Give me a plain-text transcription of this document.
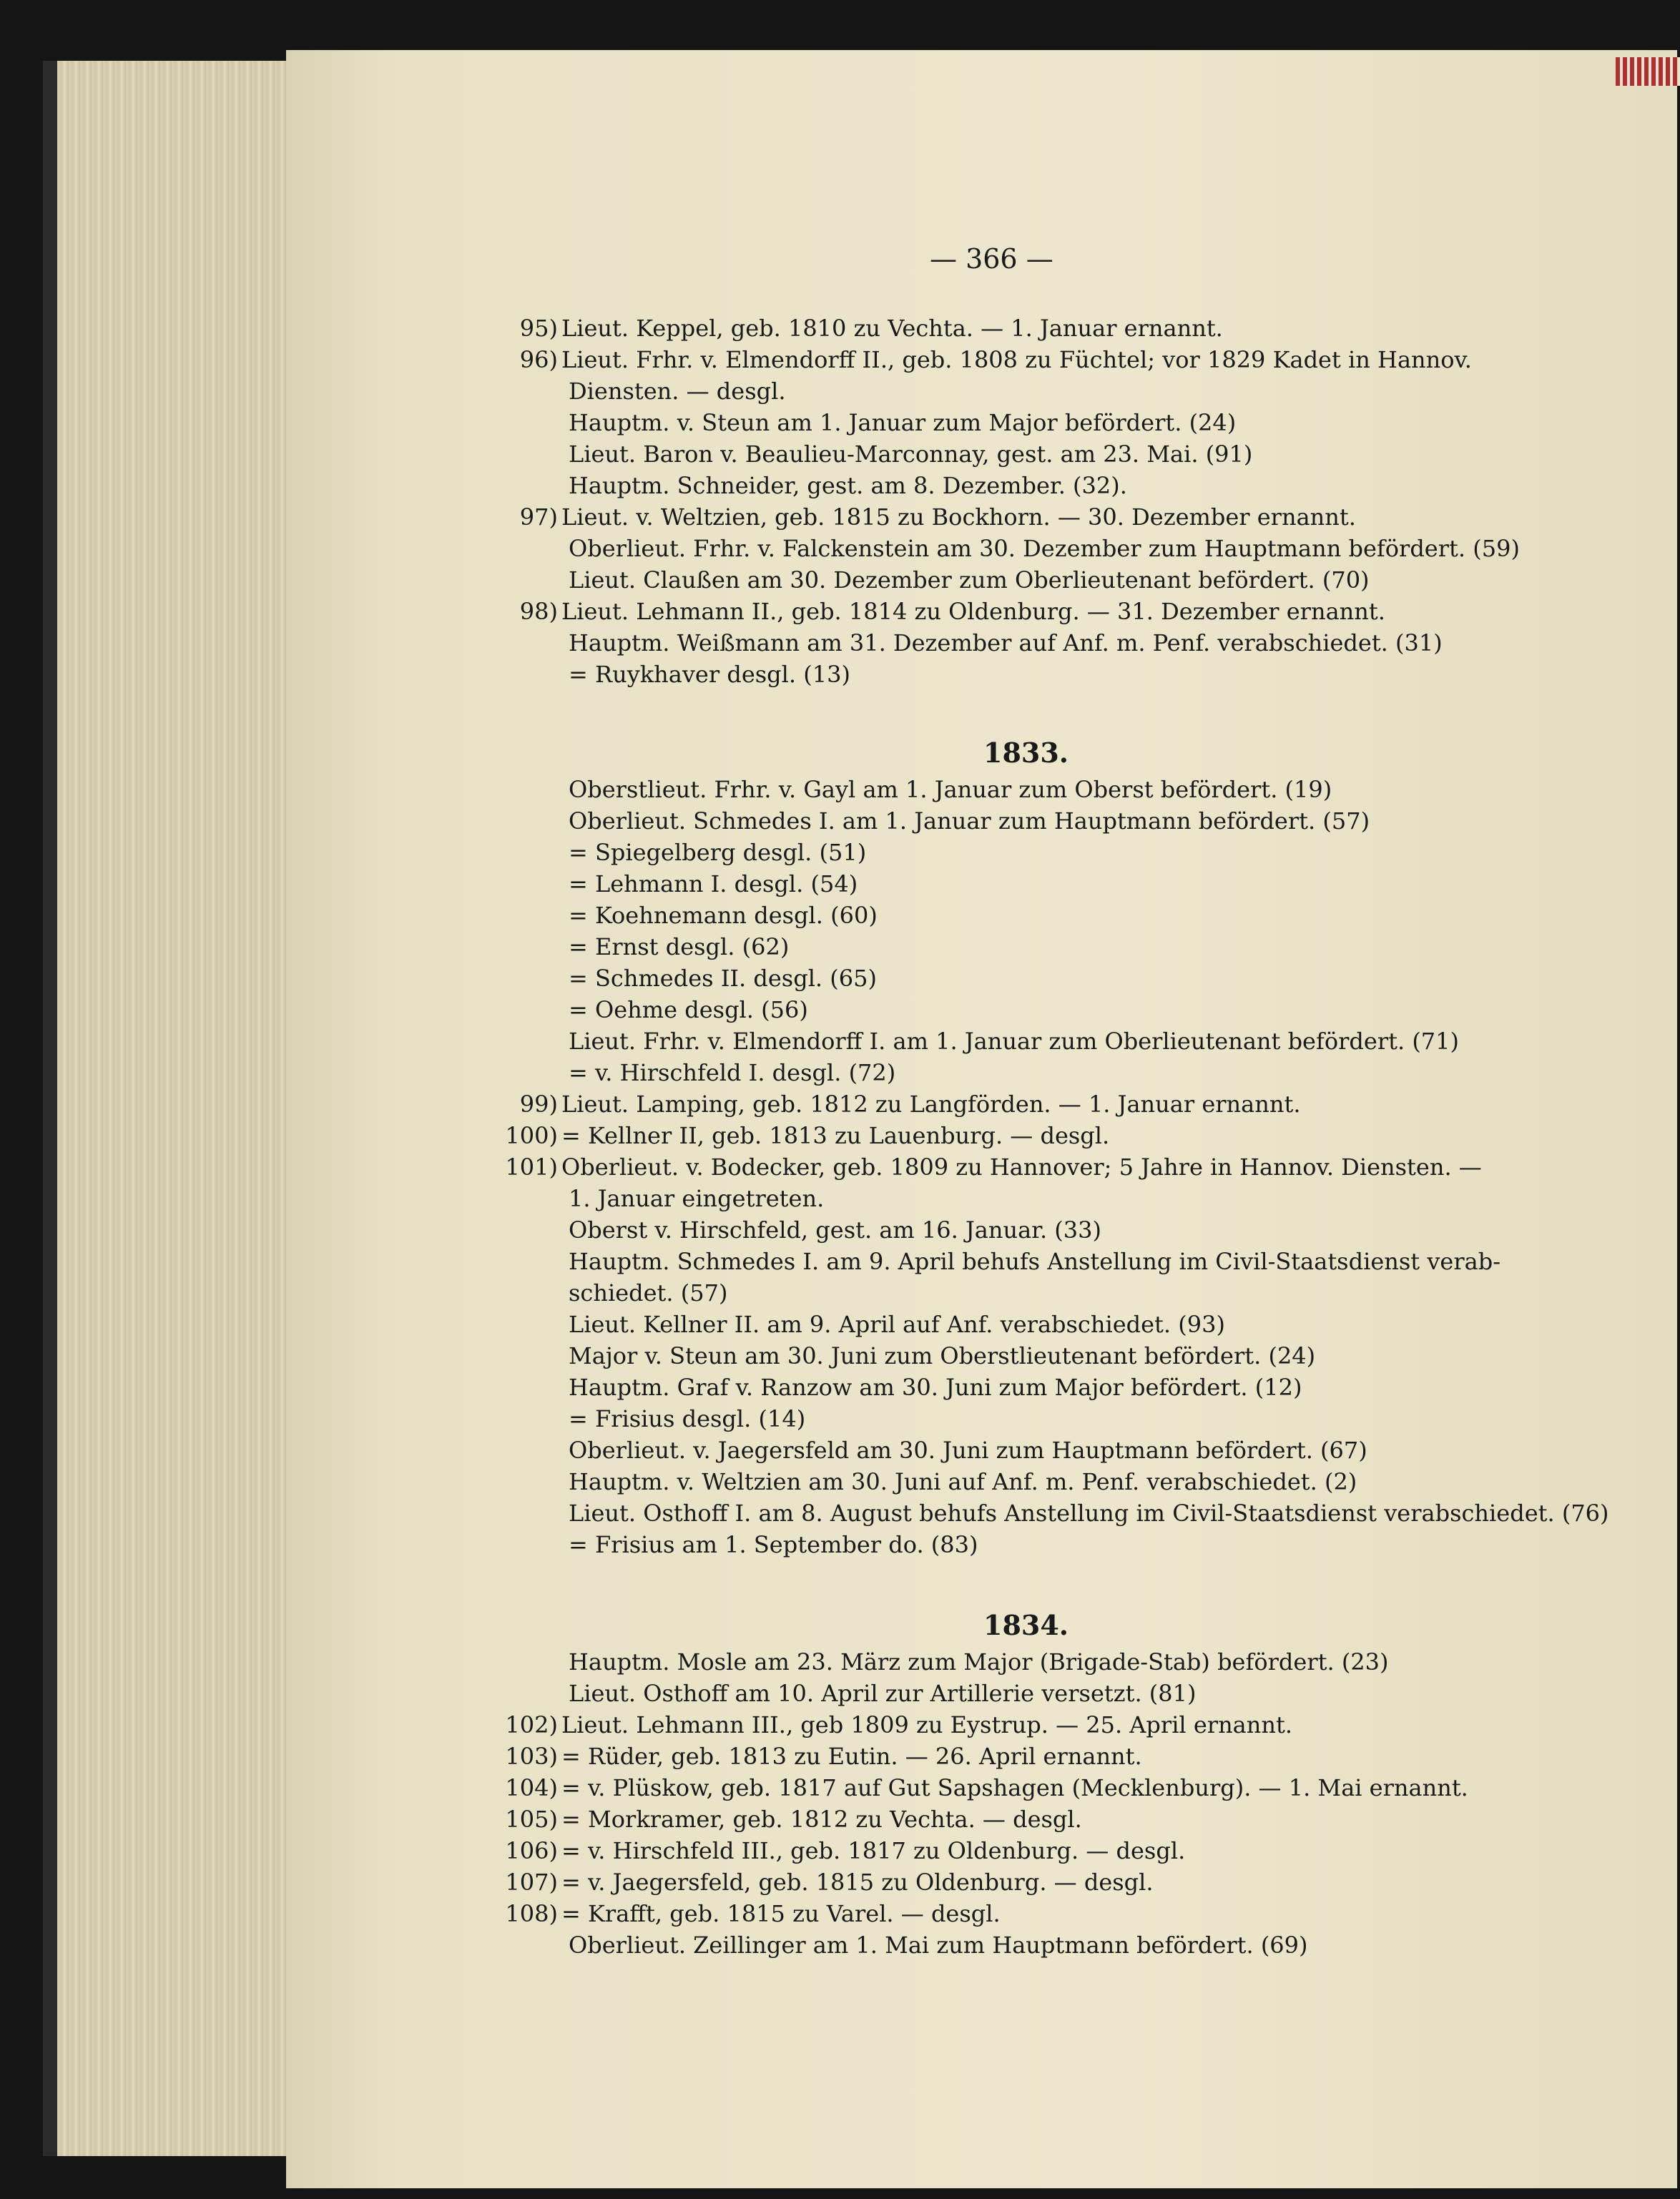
— 366 —
1833.
1834.
95) Lieut. Keppel, geb. 1810 zu Vechta. — 1. Januar ernannt.
96) Lieut. Frhr. v. Elmendorff II., geb. 1808 zu Füchtel; vor 1829 Kadet in Hannov.
Diensten. — desgl.
Hauptm. v. Steun am 1. Januar zum Major befördert. (24)
Lieut. Baron v. Beaulieu-Marconnay, gest. am 23. Mai. (91)
Hauptm. Schneider, gest. am 8. Dezember. (32).
97) Lieut. v. Weltzien, geb. 1815 zu Bockhorn. — 30. Dezember ernannt.
Oberlieut. Frhr. v. Falckenstein am 30. Dezember zum Hauptmann befördert. (59)
Lieut. Claußen am 30. Dezember zum Oberlieutenant befördert. (70)
98) Lieut. Lehmann II., geb. 1814 zu Oldenburg. — 31. Dezember ernannt.
Hauptm. Weißmann am 31. Dezember auf Anf. m. Penf. verabschiedet. (31)
= Ruykhaver desgl. (13)
Oberstlieut. Frhr. v. Gayl am 1. Januar zum Oberst befördert. (19)
Oberlieut. Schmedes I. am 1. Januar zum Hauptmann befördert. (57)
= Spiegelberg desgl. (51)
= Lehmann I. desgl. (54)
= Koehnemann desgl. (60)
= Ernst desgl. (62)
= Schmedes II. desgl. (65)
= Oehme desgl. (56)
Lieut. Frhr. v. Elmendorff I. am 1. Januar zum Oberlieutenant befördert. (71)
= v. Hirschfeld I. desgl. (72)
99) Lieut. Lamping, geb. 1812 zu Langförden. — 1. Januar ernannt.
100) = Kellner II, geb. 1813 zu Lauenburg. — desgl.
101) Oberlieut. v. Bodecker, geb. 1809 zu Hannover; 5 Jahre in Hannov. Diensten. —
1. Januar eingetreten.
Oberst v. Hirschfeld, gest. am 16. Januar. (33)
Hauptm. Schmedes I. am 9. April behufs Anstellung im Civil-Staatsdienst verab-
schiedet. (57)
Lieut. Kellner II. am 9. April auf Anf. verabschiedet. (93)
Major v. Steun am 30. Juni zum Oberstlieutenant befördert. (24)
Hauptm. Graf v. Ranzow am 30. Juni zum Major befördert. (12)
= Frisius desgl. (14)
Oberlieut. v. Jaegersfeld am 30. Juni zum Hauptmann befördert. (67)
Hauptm. v. Weltzien am 30. Juni auf Anf. m. Penf. verabschiedet. (2)
Lieut. Osthoff I. am 8. August behufs Anstellung im Civil-Staatsdienst verabschiedet. (76)
= Frisius am 1. September do. (83)
Hauptm. Mosle am 23. März zum Major (Brigade-Stab) befördert. (23)
Lieut. Osthoff am 10. April zur Artillerie versetzt. (81)
102) Lieut. Lehmann III., geb 1809 zu Eystrup. — 25. April ernannt.
103) = Rüder, geb. 1813 zu Eutin. — 26. April ernannt.
104) = v. Plüskow, geb. 1817 auf Gut Sapshagen (Mecklenburg). — 1. Mai ernannt.
105) = Morkramer, geb. 1812 zu Vechta. — desgl.
106) = v. Hirschfeld III., geb. 1817 zu Oldenburg. — desgl.
107) = v. Jaegersfeld, geb. 1815 zu Oldenburg. — desgl.
108) = Krafft, geb. 1815 zu Varel. — desgl.
Oberlieut. Zeillinger am 1. Mai zum Hauptmann befördert. (69)
